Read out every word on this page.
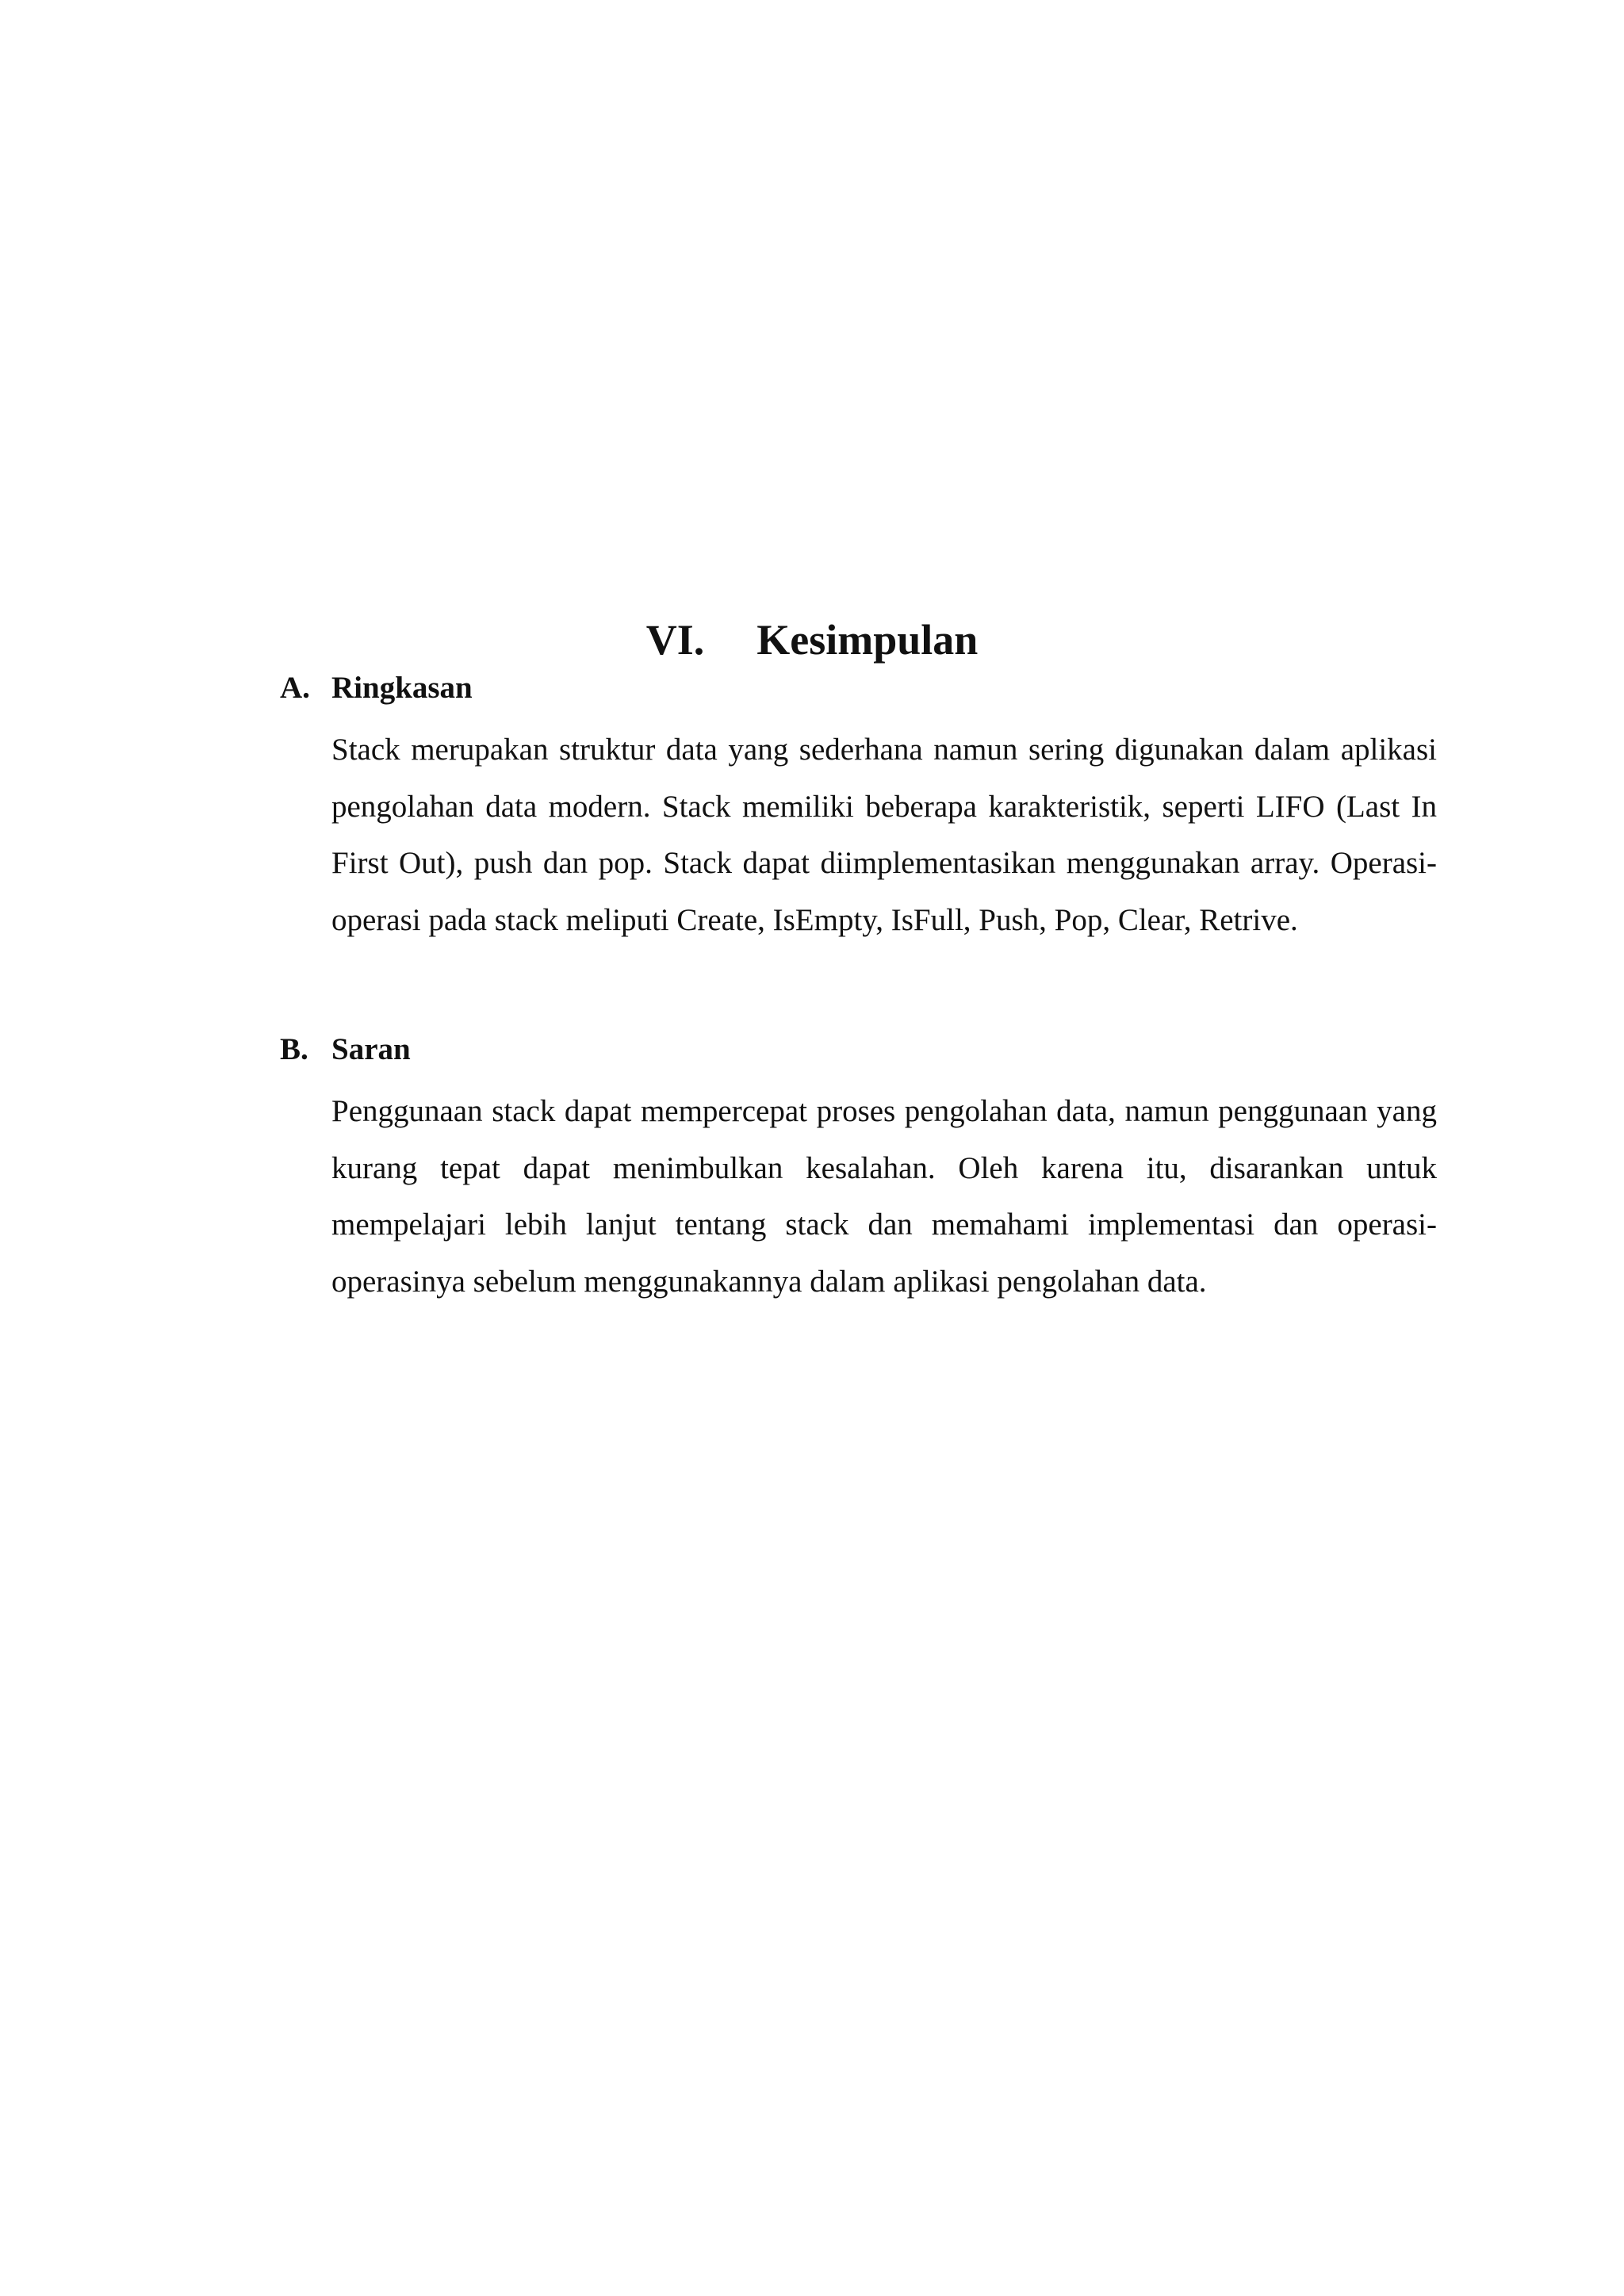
VI. Kesimpulan
A. Ringkasan

Stack merupakan struktur data yang sederhana namun sering digunakan dalam aplikasi pengolahan data modern. Stack memiliki beberapa karakteristik, seperti LIFO (Last In First Out), push dan pop. Stack dapat diimplementasikan menggunakan array. Operasi-operasi pada stack meliputi Create, IsEmpty, IsFull, Push, Pop, Clear, Retrive.

B. Saran

Penggunaan stack dapat mempercepat proses pengolahan data, namun penggunaan yang kurang tepat dapat menimbulkan kesalahan. Oleh karena itu, disarankan untuk mempelajari lebih lanjut tentang stack dan memahami implementasi dan operasi-operasinya sebelum menggunakannya dalam aplikasi pengolahan data.
